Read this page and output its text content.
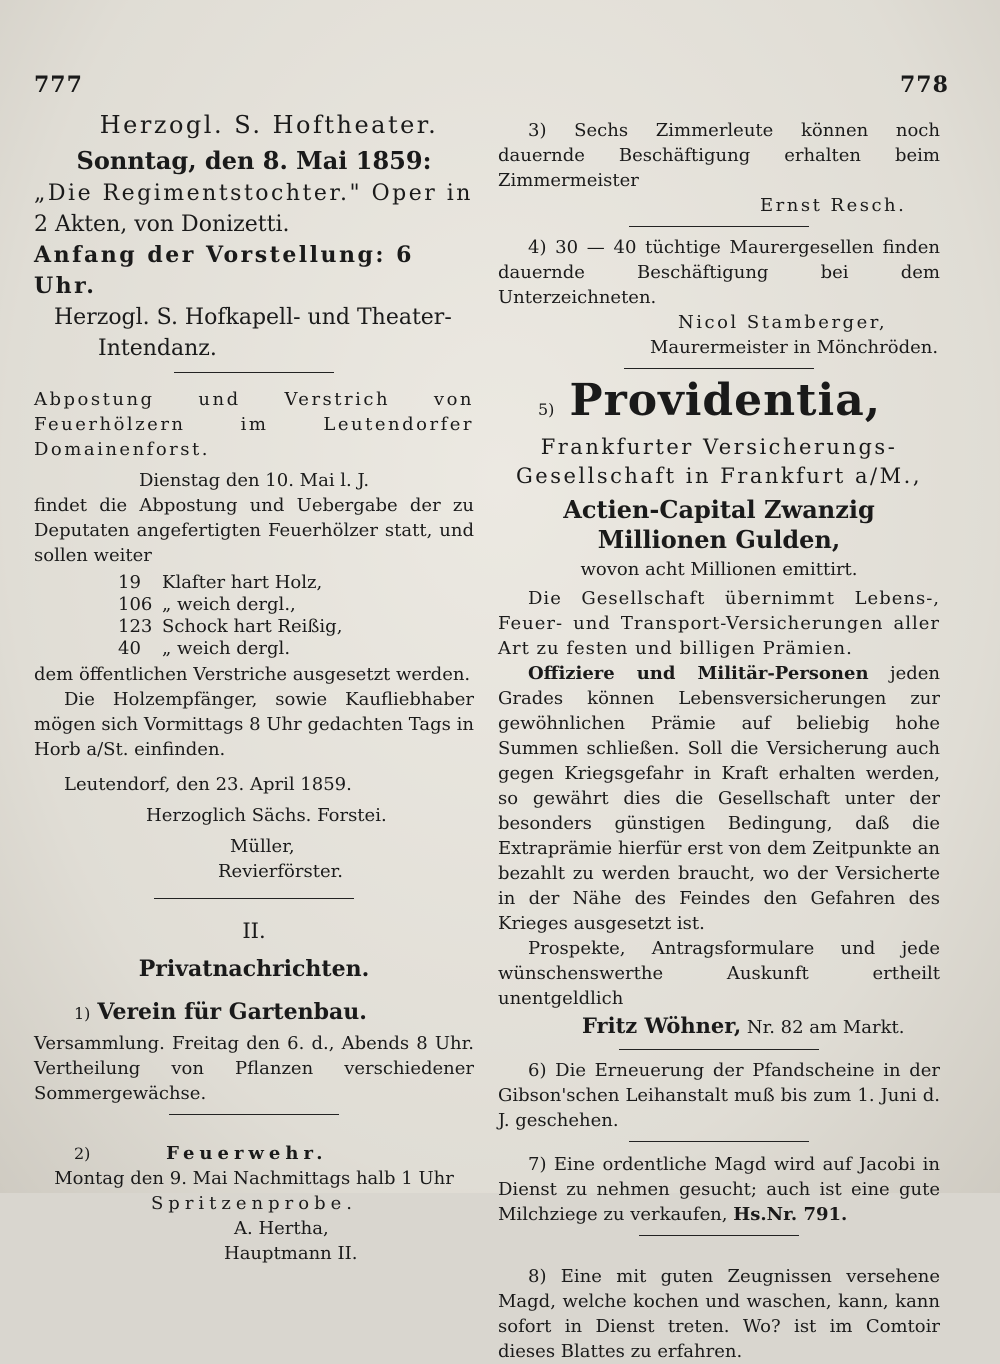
777	778
Herzogl. S. Hoftheater.
Sonntag, den 8. Mai 1859:
„Die Regimentstochter." Oper in
2 Akten, von Donizetti.
Anfang der Vorstellung: 6 Uhr.
Herzogl. S. Hofkapell- und Theater-
Intendanz.

Abpostung und Verstrich von Feuerhölzern im Leutendorfer Domainenforst.

Dienstag den 10. Mai l. J.

findet die Abpostung und Uebergabe der zu Deputaten angefertigten Feuerhölzer statt, und sollen weiter

19 Klafter hart Holz,
106 „ weich dergl.,
123 Schock hart Reißig,
40 „ weich dergl.

dem öffentlichen Verstriche ausgesetzt werden.

Die Holzempfänger, sowie Kaufliebhaber mögen sich Vormittags 8 Uhr gedachten Tags in Horb a/St. einfinden.

Leutendorf, den 23. April 1859.

Herzoglich Sächs. Forstei.

Müller,

Revierförster.

II.
Privatnachrichten.
1) Verein für Gartenbau.

Versammlung. Freitag den 6. d., Abends 8 Uhr. Vertheilung von Pflanzen verschiedener Sommergewächse.

2)	Feuerwehr.

Montag den 9. Mai Nachmittags halb 1 Uhr

Spritzenprobe.

A. Hertha,

Hauptmann II.

3) Sechs Zimmerleute können noch dauernde Beschäftigung erhalten beim Zimmermeister

Ernst Resch.

4) 30 — 40 tüchtige Maurergesellen finden dauernde Beschäftigung bei dem Unterzeichneten.

Nicol Stamberger,

Maurermeister in Mönchröden.

5) Providentia,

Frankfurter Versicherungs-Gesellschaft in Frankfurt a/M.,

Actien-Capital Zwanzig Millionen Gulden,

wovon acht Millionen emittirt.

Die Gesellschaft übernimmt Lebens-, Feuer- und Transport-Versicherungen aller Art zu festen und billigen Prämien.

Offiziere und Militär-Personen jeden Grades können Lebensversicherungen zur gewöhnlichen Prämie auf beliebig hohe Summen schließen. Soll die Versicherung auch gegen Kriegsgefahr in Kraft erhalten werden, so gewährt dies die Gesellschaft unter der besonders günstigen Bedingung, daß die Extraprämie hierfür erst von dem Zeitpunkte an bezahlt zu werden braucht, wo der Versicherte in der Nähe des Feindes den Gefahren des Krieges ausgesetzt ist.

Prospekte, Antragsformulare und jede wünschenswerthe Auskunft ertheilt unentgeldlich

Fritz Wöhner, Nr. 82 am Markt.

6) Die Erneuerung der Pfandscheine in der Gibson'schen Leihanstalt muß bis zum 1. Juni d. J. geschehen.

7) Eine ordentliche Magd wird auf Jacobi in Dienst zu nehmen gesucht; auch ist eine gute Milchziege zu verkaufen, Hs.Nr. 791.

8) Eine mit guten Zeugnissen versehene Magd, welche kochen und waschen, kann, kann sofort in Dienst treten. Wo? ist im Comtoir dieses Blattes zu erfahren.
